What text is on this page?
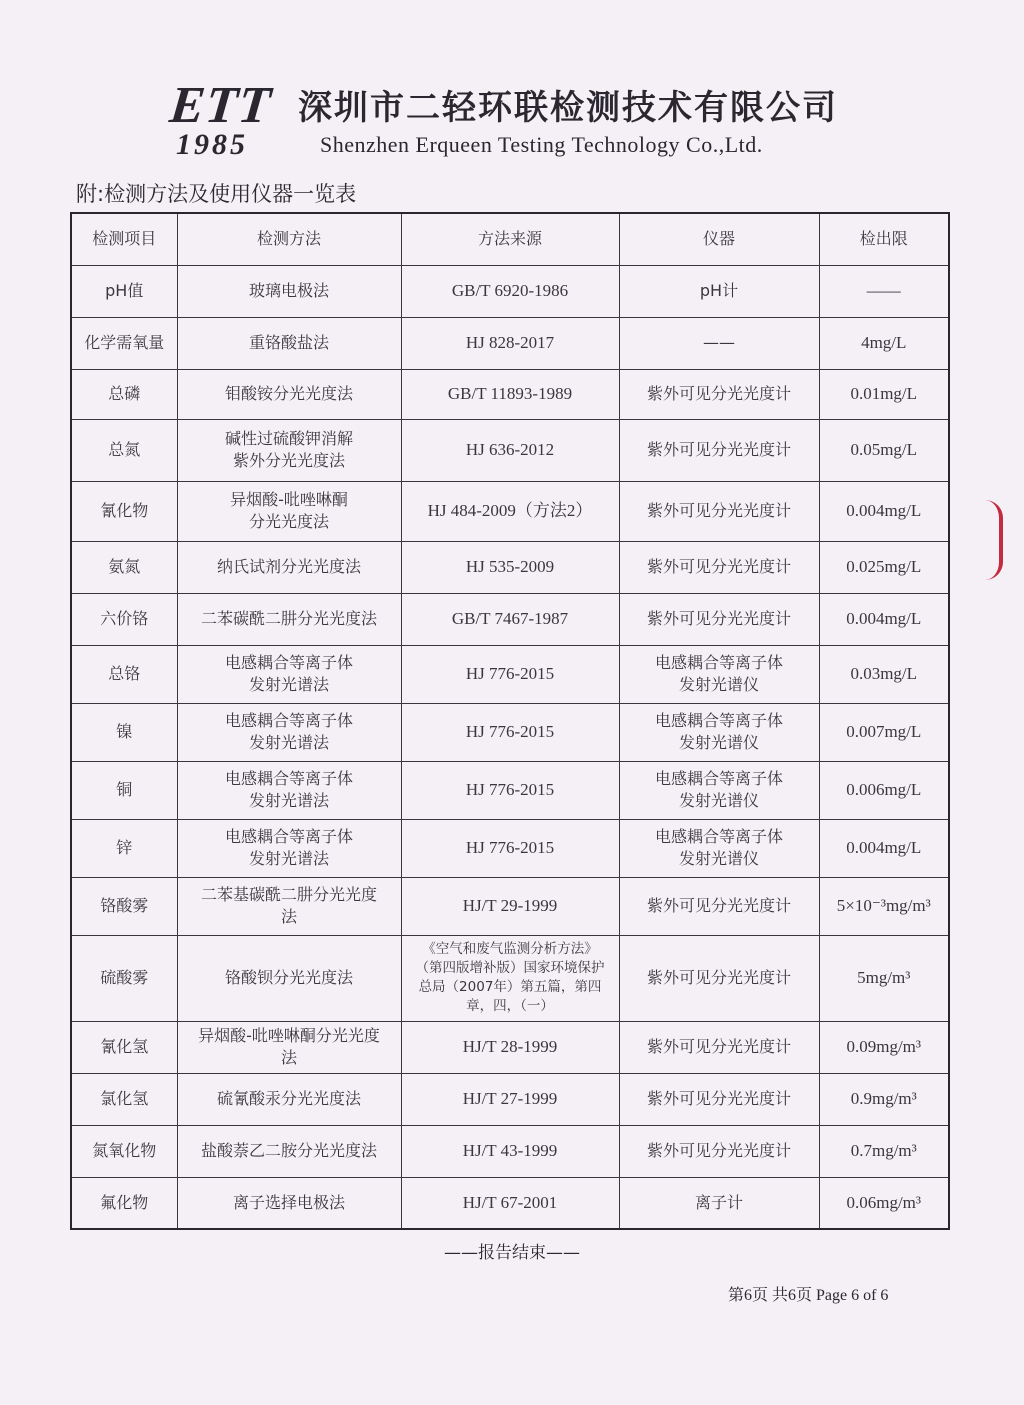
ETT
1985
深圳市二轻环联检测技术有限公司
Shenzhen Erqueen Testing Technology Co.,Ltd.
附:检测方法及使用仪器一览表
检测项目	检测方法	方法来源	仪器	检出限
pH值	玻璃电极法	GB/T 6920-1986	pH计	——
化学需氧量	重铬酸盐法	HJ 828-2017	——	4mg/L
总磷	钼酸铵分光光度法	GB/T 11893-1989	紫外可见分光光度计	0.01mg/L
总氮	碱性过硫酸钾消解
紫外分光光度法	HJ 636-2012	紫外可见分光光度计	0.05mg/L
氰化物	异烟酸-吡唑啉酮
分光光度法	HJ 484-2009（方法2）	紫外可见分光光度计	0.004mg/L
氨氮	纳氏试剂分光光度法	HJ 535-2009	紫外可见分光光度计	0.025mg/L
六价铬	二苯碳酰二肼分光光度法	GB/T 7467-1987	紫外可见分光光度计	0.004mg/L
总铬	电感耦合等离子体
发射光谱法	HJ 776-2015	电感耦合等离子体
发射光谱仪	0.03mg/L
镍	电感耦合等离子体
发射光谱法	HJ 776-2015	电感耦合等离子体
发射光谱仪	0.007mg/L
铜	电感耦合等离子体
发射光谱法	HJ 776-2015	电感耦合等离子体
发射光谱仪	0.006mg/L
锌	电感耦合等离子体
发射光谱法	HJ 776-2015	电感耦合等离子体
发射光谱仪	0.004mg/L
铬酸雾	二苯基碳酰二肼分光光度
法	HJ/T 29-1999	紫外可见分光光度计	5×10⁻³mg/m³
硫酸雾	铬酸钡分光光度法	《空气和废气监测分析方法》
（第四版增补版）国家环境保护
总局（2007年）第五篇，第四
章，四，（一）	紫外可见分光光度计	5mg/m³
氰化氢	异烟酸-吡唑啉酮分光光度
法	HJ/T 28-1999	紫外可见分光光度计	0.09mg/m³
氯化氢	硫氰酸汞分光光度法	HJ/T 27-1999	紫外可见分光光度计	0.9mg/m³
氮氧化物	盐酸萘乙二胺分光光度法	HJ/T 43-1999	紫外可见分光光度计	0.7mg/m³
氟化物	离子选择电极法	HJ/T 67-2001	离子计	0.06mg/m³
——报告结束——
第6页 共6页 Page 6 of 6
